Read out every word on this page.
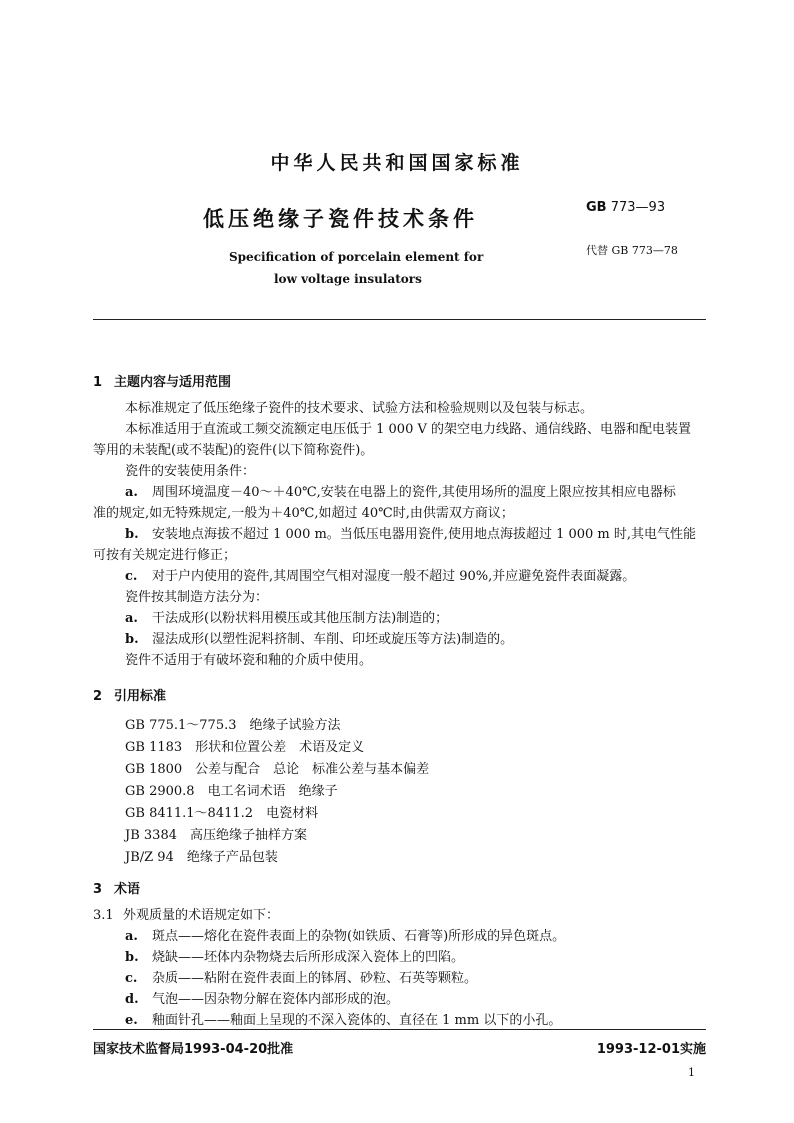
中华人民共和国国家标准
低压绝缘子瓷件技术条件
Specification of porcelain element for
low voltage insulators
GB 773—93
代替 GB 773—78
1 主题内容与适用范围
本标准规定了低压绝缘子瓷件的技术要求、试验方法和检验规则以及包装与标志。
本标准适用于直流或工频交流额定电压低于 1 000 V 的架空电力线路、通信线路、电器和配电装置
等用的未装配(或不装配)的瓷件(以下简称瓷件)。
瓷件的安装使用条件：
a. 周围环境温度－40～＋40℃,安装在电器上的瓷件,其使用场所的温度上限应按其相应电器标
准的规定,如无特殊规定,一般为＋40℃,如超过 40℃时,由供需双方商议；
b. 安装地点海拔不超过 1 000 m。当低压电器用瓷件,使用地点海拔超过 1 000 m 时,其电气性能
可按有关规定进行修正；
c. 对于户内使用的瓷件,其周围空气相对湿度一般不超过 90%,并应避免瓷件表面凝露。
瓷件按其制造方法分为：
a. 干法成形(以粉状料用模压或其他压制方法)制造的；
b. 湿法成形(以塑性泥料挤制、车削、印坯或旋压等方法)制造的。
瓷件不适用于有破坏瓷和釉的介质中使用。
2 引用标准
GB 775.1～775.3　 绝缘子试验方法
GB 1183　 形状和位置公差　术语及定义
GB 1800　 公差与配合　总论　标准公差与基本偏差
GB 2900.8　 电工名词术语　绝缘子
GB 8411.1～8411.2　 电瓷材料
JB 3384　 高压绝缘子抽样方案
JB/Z 94　 绝缘子产品包装
3 术语
3.1 外观质量的术语规定如下：
a. 斑点——熔化在瓷件表面上的杂物(如铁质、石膏等)所形成的异色斑点。
b. 烧缺——坯体内杂物烧去后所形成深入瓷体上的凹陷。
c. 杂质——粘附在瓷件表面上的钵屑、砂粒、石英等颗粒。
d. 气泡——因杂物分解在瓷体内部形成的泡。
e. 釉面针孔——釉面上呈现的不深入瓷体的、直径在 1 mm 以下的小孔。
国家技术监督局1993-04-20批准	1993-12-01实施
1
